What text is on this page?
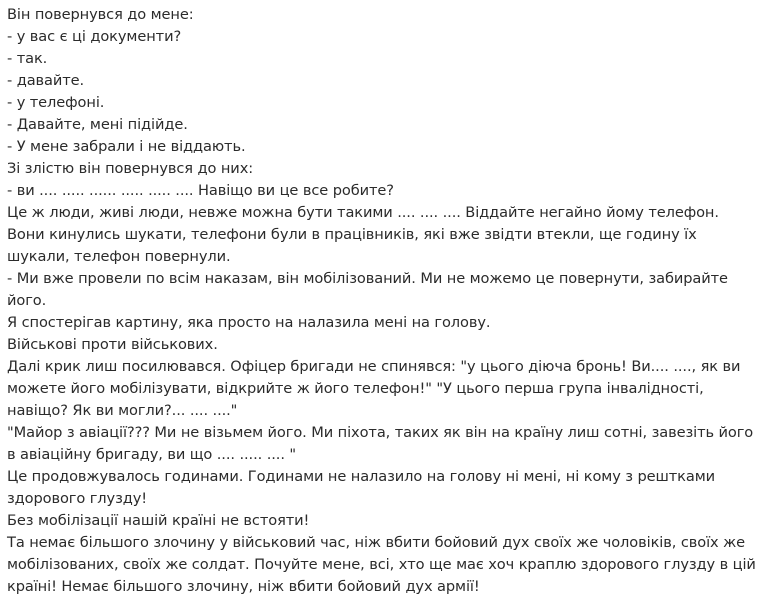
Він повернувся до мене:

- у вас є ці документи?

- так.

- давайте.

- у телефоні.

- Давайте, мені підійде.

- У мене забрали і не віддають.

Зі злістю він повернувся до них:

- ви .... ..... ...... ..... ..... .... Навіщо ви це все робите?

Це ж люди, живі люди, невже можна бути такими .... .... .... Віддайте негайно йому телефон.

Вони кинулись шукати, телефони були в працівників, які вже звідти втекли, ще годину їх шукали, телефон повернули.

- Ми вже провели по всім наказам, він мобілізований. Ми не можемо це повернути, забирайте його.

Я спостерігав картину, яка просто на налазила мені на голову.

Військові проти військових.

Далі крик лиш посилювався. Офіцер бригади не спинявся: "у цього діюча бронь! Ви.... ...., як ви можете його мобілізувати, відкрийте ж його телефон!" "У цього перша група інвалідності, навіщо? Як ви могли?... .... ...."

"Майор з авіації??? Ми не візьмем його. Ми піхота, таких як він на країну лиш сотні, завезіть його в авіаційну бригаду, ви що .... ..... .... "

Це продовжувалось годинами. Годинами не налазило на голову ні мені, ні кому з рештками здорового глузду!

Без мобілізації нашій країні не встояти!

Та немає більшого злочину у військовий час, ніж вбити бойовий дух своїх же чоловіків, своїх же мобілізованих, своїх же солдат. Почуйте мене, всі, хто ще має хоч краплю здорового глузду в цій країні! Немає більшого злочину, ніж вбити бойовий дух армії!
